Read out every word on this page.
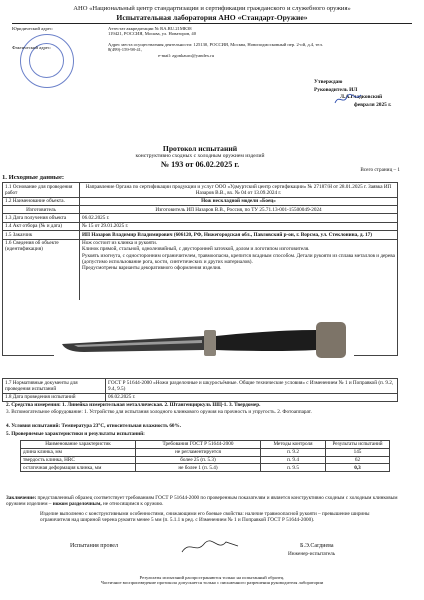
АНО «Национальный центр стандартизации и сертификации гражданского и служебного оружия»
Испытательная лаборатория АНО «Стандарт-Оружие»
Юридический адрес:
Фактический адрес:
Аттестат аккредитации № RA.RU.21МК38
119421, РОССИЯ, Москва, ул. Новаторов, 40
Адрес места осуществления деятельности: 125130, РОССИЯ, Москва, Новоподмосковный пер. 2-ой, д.4, тел. 8(499)-159-98-41,
e-mail: zgonkauro@yandex.ru
Утверждаю
Руководитель ИЛ
Л.А.Гладковский
февраля 2025 г.
Протокол испытаний
конструктивно сходных с холодным оружием изделий
№ 193 от 06.02.2025 г.
Всего страниц – 1
1. Исходные данные:
1.1 Основание для проведения работ	Направление Органа по сертификации продукции и услуг ООО «Удмуртский центр сертификации» № 27187/Н от 28.01.2025 г. Заявка ИП Назаров В.В., вх. № 04 от 13.09.2024 г.
1.2 Наименование объекта.	Нож нескладной модели «Боец»
Изготовитель	Изготовитель ИП Назаров В.В., Россия, по ТУ 25.71.13-001-15500049-2024
1.3 Дата получения объекта	06.02.2025 г.
1.4 Акт отбора (№ и дата)	№ 15 от 29.01.2025 г.
1.5 Заказчик	ИП Назаров Владимир Владимирович (606120, РФ, Нижегородская обл., Павловский р-он, г. Ворсма, ул. Стеклонина, д. 17)
1.6 Сведения об объекте (идентификация)	Нож состоит из клинка и рукояти.
Клинок прямой, стальной, однолезвийный, с двусторонней заточкой, долом и логотипом изготовителя.
Рукоять изогнута, с односторонним ограничителем, травмоопасна, крепится всадным способом. Детали рукояти из сплава металлов и дерева (допустимо использование рога, кости, синтетических и других материалов).
Предусмотрены варианты декоративного оформления изделия.
1.7 Нормативные документы для проведения испытаний	ГОСТ Р 51644-2000 «Ножи разделочные и шкуросъёмные. Общие технические условия» с Изменением № 1 и Поправкой (п. 9.2, 9.4, 9.5)
1.8 Дата проведения испытаний	06.02.2025 г.
2. Средства измерения: 1. Линейка измерительная металлическая. 2. Штангенциркуль ШЦ-1. 3. Твердомер.
3. Вспомогательное оборудование: 1. Устройство для испытания холодного клинкового оружия на прочность и упругость. 2. Фотоаппарат.
4. Условия испытаний: Температура 23°С, относительная влажность 60%.
5. Проверяемые характеристики и результаты испытаний:
Наименование характеристик	Требования ГОСТ Р 51644-2000	Методы контроля	Результаты испытаний
длина клинка, мм	не регламентируется	п. 9.2	145
твердость клинка, HRC	более 25 (п. 5.3)	п. 9.4	62
остаточная деформация клинка, мм	не более 1 (п. 5.4)	п. 9.5	0,3
Заключение: представленный образец соответствует требованиям ГОСТ Р 51644-2000 по проверенным показателям и является конструктивно сходным с холодным клинковым оружием изделием – ножом разделочным, не относящимся к оружию.
Изделие выполнено с конструктивными особенностями, снижающими его боевые свойства: наличие травмоопасной рукояти – превышение ширины ограничителя над шириной черена рукояти менее 5 мм (п. 5.1.1 в ред. с Изменением № 1 и Поправкой ГОСТ Р 51644-2000).
Испытания провел	Б.Э.Сагдиева
Инженер-испытатель
Результаты испытаний распространяются только на испытанный образец.
Частичное воспроизведение протокола допускается только с письменного разрешения руководителя лаборатории
